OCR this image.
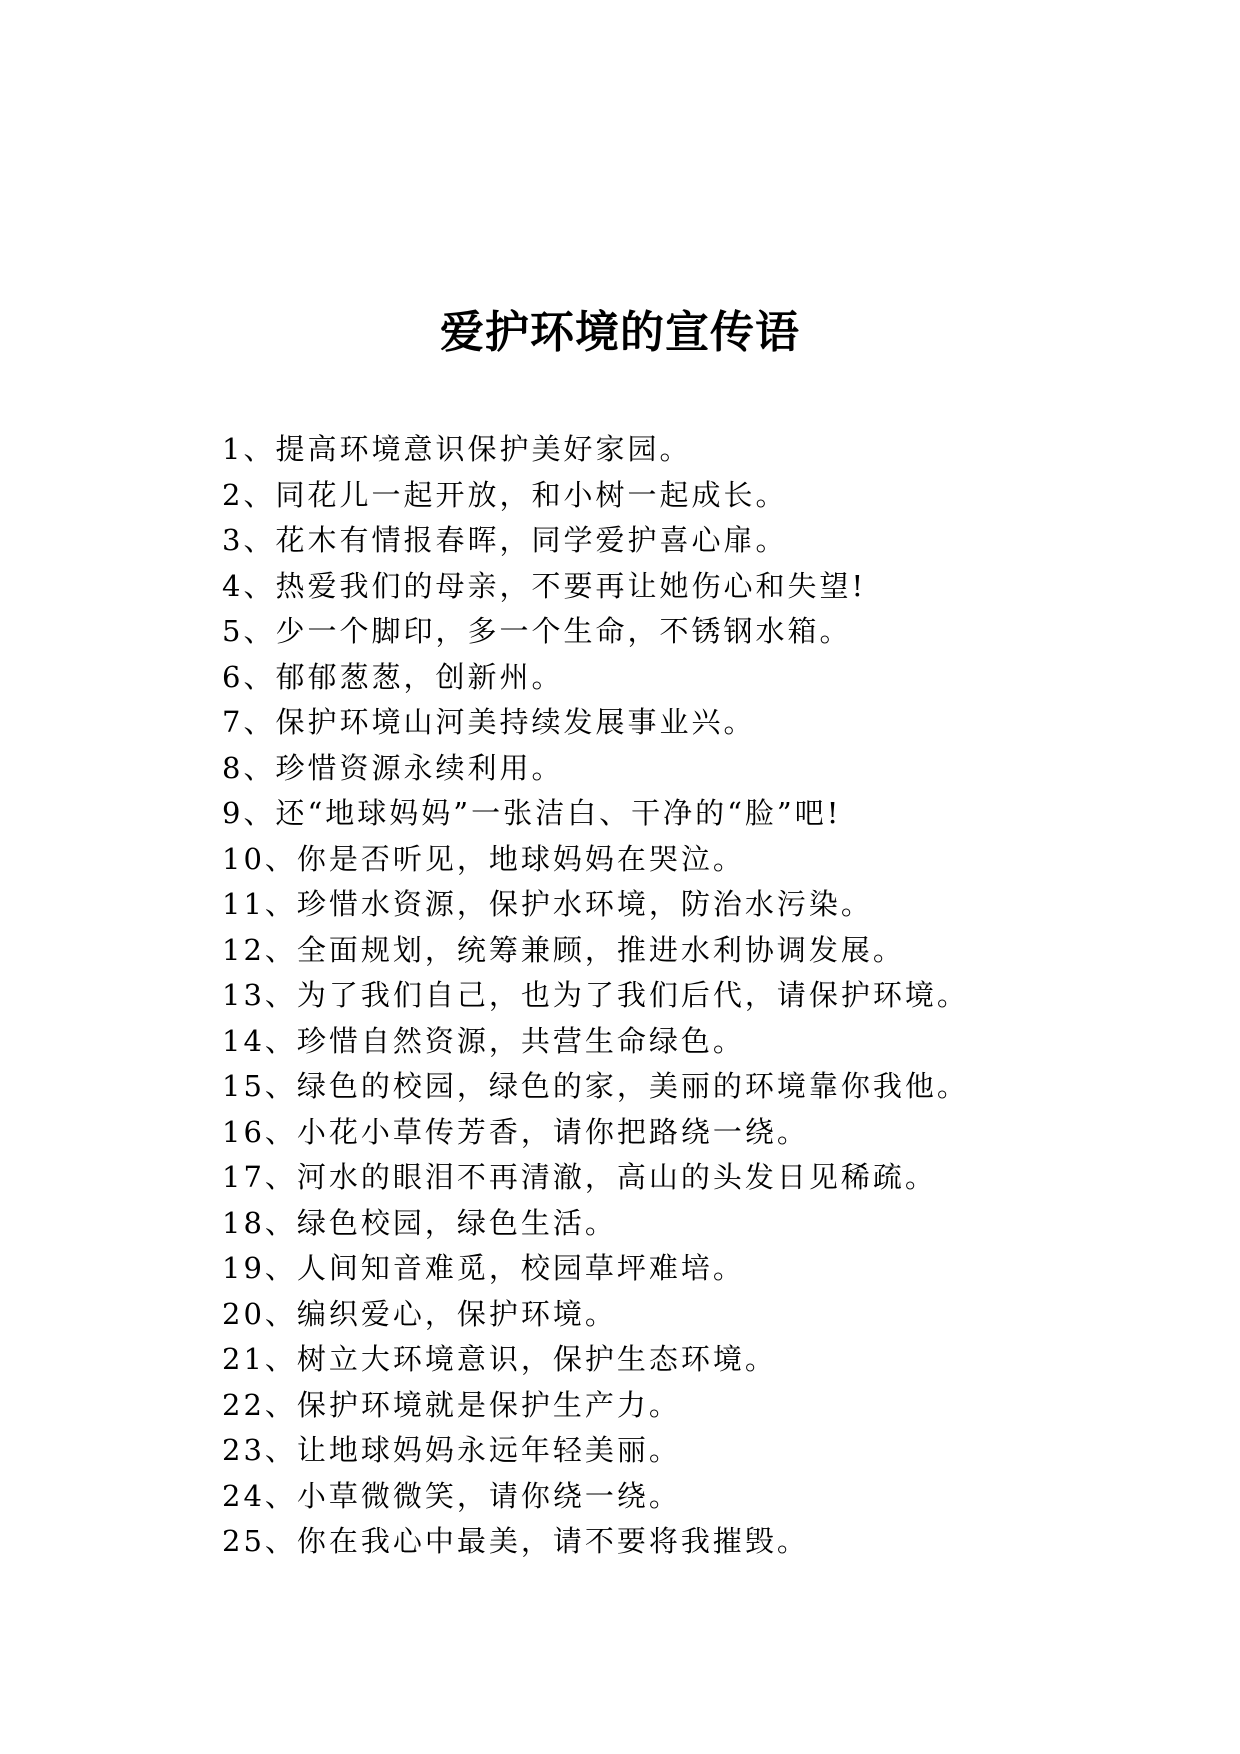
爱护环境的宣传语
1、提高环境意识保护美好家园。
2、同花儿一起开放，和小树一起成长。
3、花木有情报春晖，同学爱护喜心扉。
4、热爱我们的母亲，不要再让她伤心和失望!
5、少一个脚印，多一个生命，不锈钢水箱。
6、郁郁葱葱，创新州。
7、保护环境山河美持续发展事业兴。
8、珍惜资源永续利用。
9、还“地球妈妈”一张洁白、干净的“脸”吧!
10、你是否听见，地球妈妈在哭泣。
11、珍惜水资源，保护水环境，防治水污染。
12、全面规划，统筹兼顾，推进水利协调发展。
13、为了我们自己，也为了我们后代，请保护环境。
14、珍惜自然资源，共营生命绿色。
15、绿色的校园，绿色的家，美丽的环境靠你我他。
16、小花小草传芳香，请你把路绕一绕。
17、河水的眼泪不再清澈，高山的头发日见稀疏。
18、绿色校园，绿色生活。
19、人间知音难觅，校园草坪难培。
20、编织爱心，保护环境。
21、树立大环境意识，保护生态环境。
22、保护环境就是保护生产力。
23、让地球妈妈永远年轻美丽。
24、小草微微笑，请你绕一绕。
25、你在我心中最美，请不要将我摧毁。
